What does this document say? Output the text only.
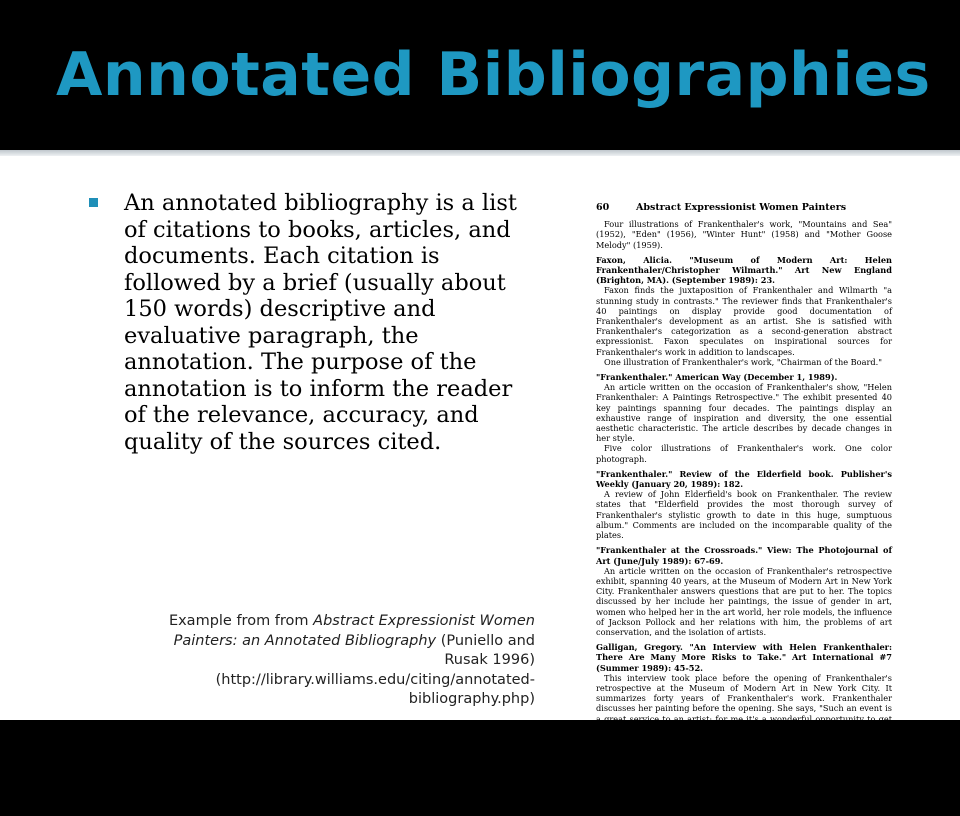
Annotated Bibliographies
An annotated bibliography is a list of citations to books, articles, and documents. Each citation is followed by a brief (usually about 150 words) descriptive and evaluative paragraph, the annotation. The purpose of the annotation is to inform the reader of the relevance, accuracy, and quality of the sources cited.
Example from from Abstract Expressionist Women Painters: an Annotated Bibliography (Puniello and Rusak 1996) (http://library.williams.edu/citing/annotated-bibliography.php)
60	Abstract Expressionist Women Painters

Four illustrations of Frankenthaler's work, "Mountains and Sea" (1952), "Eden" (1956), "Winter Hunt" (1958) and "Mother Goose Melody" (1959).

Faxon, Alicia. "Museum of Modern Art: Helen Frankenthaler/Christopher Wilmarth." Art New England (Brighton, MA). (September 1989): 23.

Faxon finds the juxtaposition of Frankenthaler and Wilmarth "a stunning study in contrasts." The reviewer finds that Frankenthaler's 40 paintings on display provide good documentation of Frankenthaler's development as an artist. She is satisfied with Frankenthaler's categorization as a second-generation abstract expressionist. Faxon speculates on inspirational sources for Frankenthaler's work in addition to landscapes.

One illustration of Frankenthaler's work, "Chairman of the Board."

"Frankenthaler." American Way (December 1, 1989).

An article written on the occasion of Frankenthaler's show, "Helen Frankenthaler: A Paintings Retrospective." The exhibit presented 40 key paintings spanning four decades. The paintings display an exhaustive range of inspiration and diversity, the one essential aesthetic characteristic. The article describes by decade changes in her style.

Five color illustrations of Frankenthaler's work. One color photograph.

"Frankenthaler." Review of the Elderfield book. Publisher's Weekly (January 20, 1989): 182.

A review of John Elderfield's book on Frankenthaler. The review states that "Elderfield provides the most thorough survey of Frankenthaler's stylistic growth to date in this huge, sumptuous album." Comments are included on the incomparable quality of the plates.

"Frankenthaler at the Crossroads." View: The Photojournal of Art (June/July 1989): 67-69.

An article written on the occasion of Frankenthaler's retrospective exhibit, spanning 40 years, at the Museum of Modern Art in New York City. Frankenthaler answers questions that are put to her. The topics discussed by her include her paintings, the issue of gender in art, women who helped her in the art world, her role models, the influence of Jackson Pollock and her relations with him, the problems of art conservation, and the isolation of artists.

Galligan, Gregory. "An Interview with Helen Frankenthaler: There Are Many More Risks to Take." Art International #7 (Summer 1989): 45-52.

This interview took place before the opening of Frankenthaler's retrospective at the Museum of Modern Art in New York City. It summarizes forty years of Frankenthaler's work. Frankenthaler discusses her painting before the opening. She says, "Such an event is a great service to an artist; for me it's a wonderful opportunity to get my bearings and envisage the next steps of the journey." Frankenthaler explains her work and her feelings about different media she worked in, including sculpture, mixed media, work from nature, costumes, and sets for the Royal Ballet. She singles out painting as her main medium, and discusses her approach to painting in terms of continuity.

One black-and-white photograph of Frankenthaler in her studio. Three color illustrations of Frankenthaler's work, "Sugar Blues" (1989), "Swedish Dreams" (1988) and "Casanova" (1988).
